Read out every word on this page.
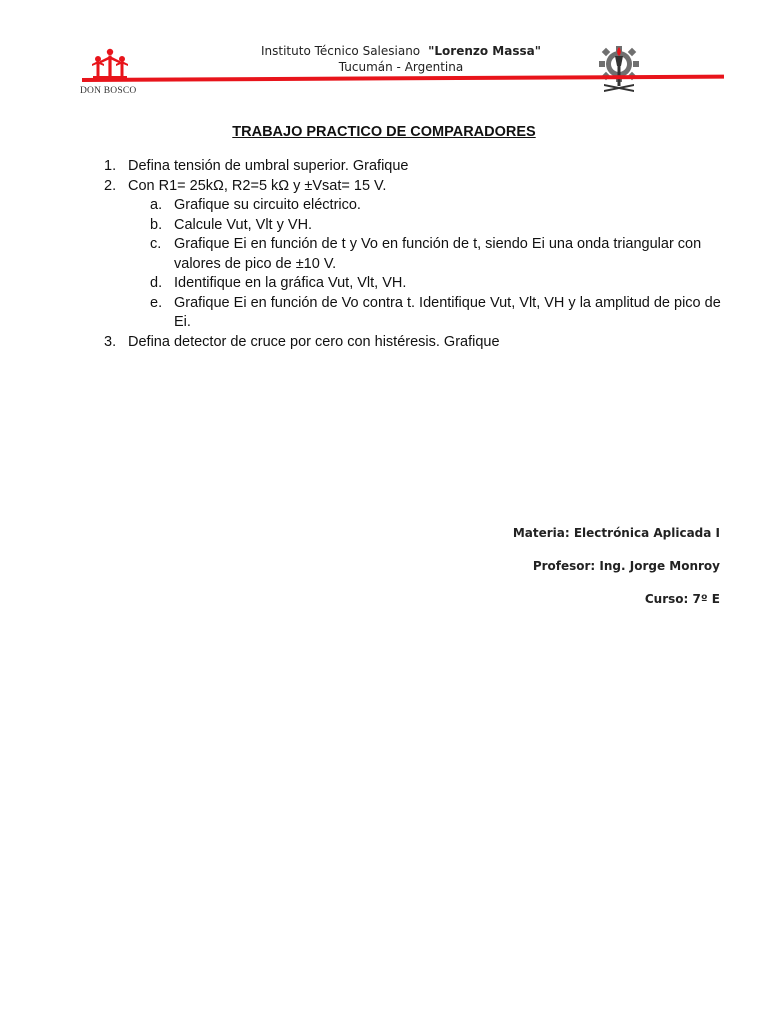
DON BOSCO
Instituto Técnico Salesiano "Lorenzo Massa"
Tucumán - Argentina
TRABAJO PRACTICO DE COMPARADORES
1. Defina tensión de umbral superior. Grafique
2. Con R1= 25kΩ, R2=5 kΩ y ±Vsat= 15 V.
a. Grafique su circuito eléctrico.
b. Calcule Vut, Vlt y VH.
c. Grafique Ei en función de t y Vo en función de t, siendo Ei una onda triangular con valores de pico de ±10 V.
d. Identifique en la gráfica Vut, Vlt, VH.
e. Grafique Ei en función de Vo contra t. Identifique Vut, Vlt, VH y la amplitud de pico de Ei.
3. Defina detector de cruce por cero con histéresis. Grafique
Materia: Electrónica Aplicada I
Profesor: Ing. Jorge Monroy
Curso: 7º E
